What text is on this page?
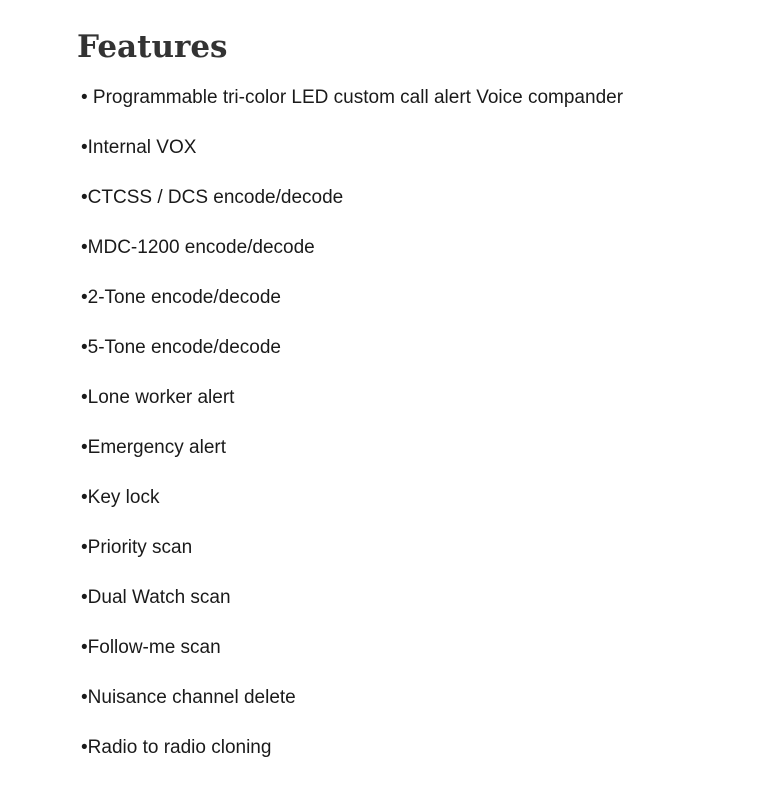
Features
• Programmable tri-color LED custom call alert Voice compander
•Internal VOX
•CTCSS / DCS encode/decode
•MDC-1200 encode/decode
•2-Tone encode/decode
•5-Tone encode/decode
•Lone worker alert
•Emergency alert
•Key lock
•Priority scan
•Dual Watch scan
•Follow-me scan
•Nuisance channel delete
•Radio to radio cloning
